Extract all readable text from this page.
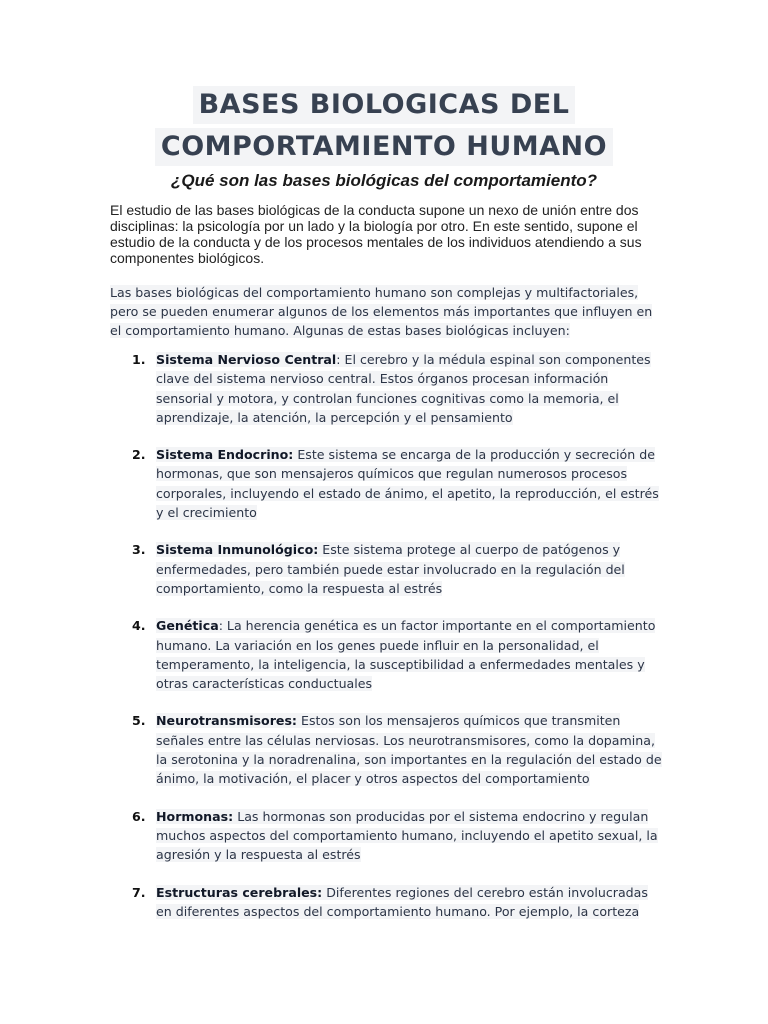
BASES BIOLOGICAS DEL
COMPORTAMIENTO HUMANO
¿Qué son las bases biológicas del comportamiento?
El estudio de las bases biológicas de la conducta supone un nexo de unión entre dos disciplinas: la psicología por un lado y la biología por otro. En este sentido, supone el estudio de la conducta y de los procesos mentales de los individuos atendiendo a sus componentes biológicos.
Las bases biológicas del comportamiento humano son complejas y multifactoriales, pero se pueden enumerar algunos de los elementos más importantes que influyen en el comportamiento humano. Algunas de estas bases biológicas incluyen:
1. Sistema Nervioso Central: El cerebro y la médula espinal son componentes clave del sistema nervioso central. Estos órganos procesan información sensorial y motora, y controlan funciones cognitivas como la memoria, el aprendizaje, la atención, la percepción y el pensamiento
2. Sistema Endocrino: Este sistema se encarga de la producción y secreción de hormonas, que son mensajeros químicos que regulan numerosos procesos corporales, incluyendo el estado de ánimo, el apetito, la reproducción, el estrés y el crecimiento
3. Sistema Inmunológico: Este sistema protege al cuerpo de patógenos y enfermedades, pero también puede estar involucrado en la regulación del comportamiento, como la respuesta al estrés
4. Genética: La herencia genética es un factor importante en el comportamiento humano. La variación en los genes puede influir en la personalidad, el temperamento, la inteligencia, la susceptibilidad a enfermedades mentales y otras características conductuales
5. Neurotransmisores: Estos son los mensajeros químicos que transmiten señales entre las células nerviosas. Los neurotransmisores, como la dopamina, la serotonina y la noradrenalina, son importantes en la regulación del estado de ánimo, la motivación, el placer y otros aspectos del comportamiento
6. Hormonas: Las hormonas son producidas por el sistema endocrino y regulan muchos aspectos del comportamiento humano, incluyendo el apetito sexual, la agresión y la respuesta al estrés
7. Estructuras cerebrales: Diferentes regiones del cerebro están involucradas en diferentes aspectos del comportamiento humano. Por ejemplo, la corteza
